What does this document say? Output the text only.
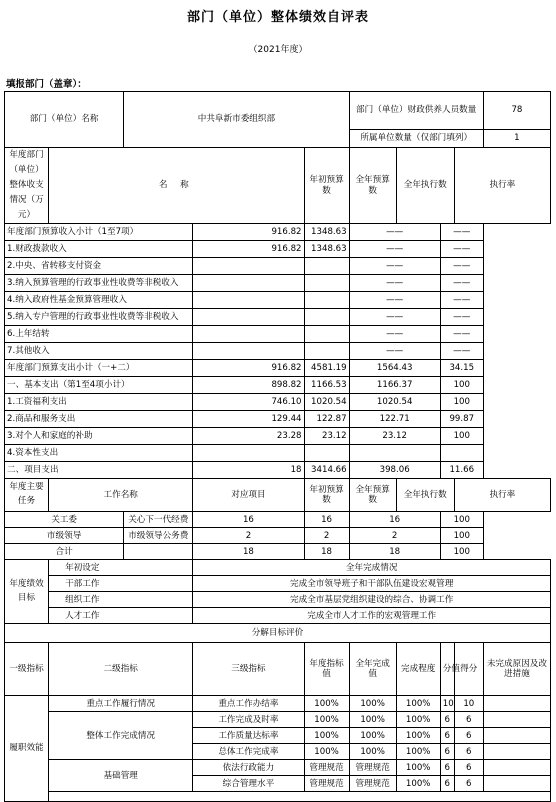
部门（单位）整体绩效自评表
（2021年度）
填报部门（盖章）：
部门（单位）名称		中共阜新市委组织部			部门（单位）财政供养人员数量				78
					所属单位数量（仅部门填列）				1
年度部门（单位）整体收支情况（万元）	名 称			年初预算数	全年预算数	全年执行数		执行率	
年度部门预算收入小计（1至7项）			916.82	1348.63	——		——		
1.财政拨款收入			916.82	1348.63	——		——		
2.中央、省转移支付资金					——		——		
3.纳入预算管理的行政事业性收费等非税收入					——		——		
4.纳入政府性基金预算管理收入					——		——		
5.纳入专户管理的行政事业性收费等非税收入					——		——		
6.上年结转					——		——		
7.其他收入					——		——		
年度部门预算支出小计（一+二）			916.82	4581.19	1564.43		34.15		
一、基本支出（第1至4项小计）			898.82	1166.53	1166.37		100		
1.工资福利支出			746.10	1020.54	1020.54		100		
2.商品和服务支出			129.44	122.87	122.71		99.87		
3.对个人和家庭的补助			23.28	23.12	23.12		100		
4.资本性支出									
二、项目支出			18	3414.66	398.06		11.66		
年度主要任务	工作名称		对应项目	年初预算数	全年预算数	全年执行数		执行率	
关工委		关心下一代经费	16	16	16		100		
市级领导		市级领导公务费	2	2	2		100		
合计			18	18	18		100		
年度绩效目标	年初设定		全年完成情况						
	干部工作		完成全市领导班子和干部队伍建设宏观管理						
	组织工作		完成全市基层党组织建设的综合、协调工作						
	人才工作		完成全市人才工作的宏观管理工作						
分解目标评价									
一级指标	二级指标		三级指标	年度指标值	全年完成值	完成程度	分值	得分	未完成原因及改进措施
履职效能	重点工作履行情况		重点工作办结率	100%	100%	100%	10	10	
	整体工作完成情况		工作完成及时率	100%	100%	100%	6	6	
			工作质量达标率	100%	100%	100%	6	6	
			总体工作完成率	100%	100%	100%	6	6	
	基础管理		依法行政能力	管理规范	管理规范	100%	6	6	
			综合管理水平	管理规范	管理规范	100%	6	6	
